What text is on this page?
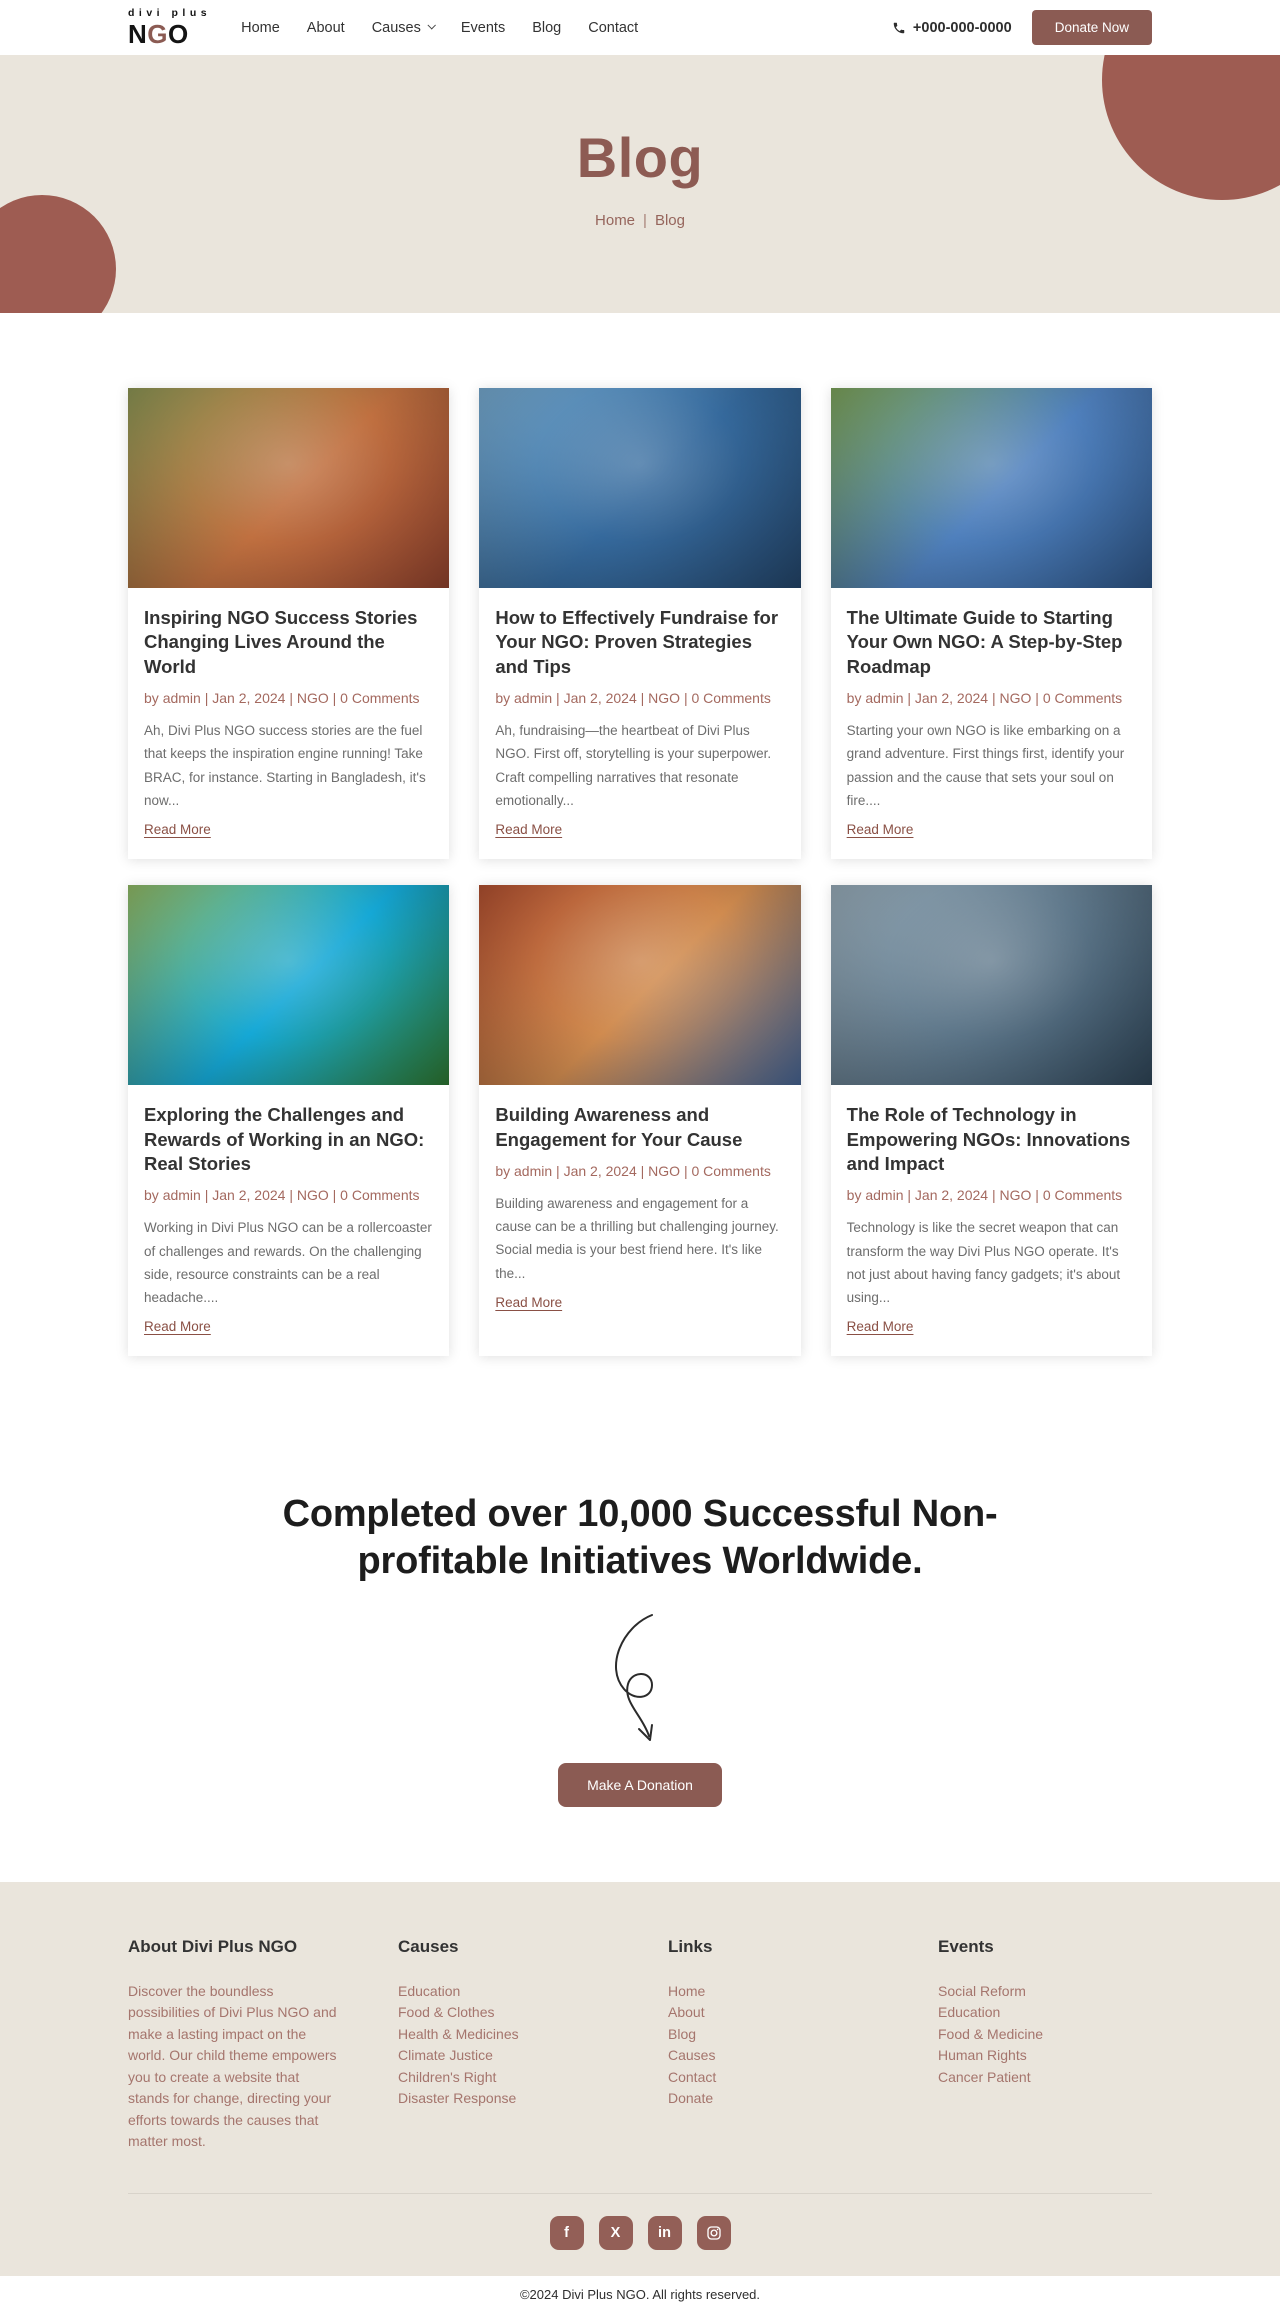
divi plus
NGO	Home About Causes	Events Blog Contact	+000-000-0000	Donate Now
Blog
Home | Blog
Inspiring NGO Success Stories Changing Lives Around the World
by admin | Jan 2, 2024 | NGO | 0 Comments

Ah, Divi Plus NGO success stories are the fuel that keeps the inspiration engine running! Take BRAC, for instance. Starting in Bangladesh, it's now...

Read More
How to Effectively Fundraise for Your NGO: Proven Strategies and Tips
by admin | Jan 2, 2024 | NGO | 0 Comments

Ah, fundraising—the heartbeat of Divi Plus NGO. First off, storytelling is your superpower. Craft compelling narratives that resonate emotionally...

Read More
The Ultimate Guide to Starting Your Own NGO: A Step-by-Step Roadmap
by admin | Jan 2, 2024 | NGO | 0 Comments

Starting your own NGO is like embarking on a grand adventure. First things first, identify your passion and the cause that sets your soul on fire....

Read More
Exploring the Challenges and Rewards of Working in an NGO: Real Stories
by admin | Jan 2, 2024 | NGO | 0 Comments

Working in Divi Plus NGO can be a rollercoaster of challenges and rewards. On the challenging side, resource constraints can be a real headache....

Read More
Building Awareness and Engagement for Your Cause
by admin | Jan 2, 2024 | NGO | 0 Comments

Building awareness and engagement for a cause can be a thrilling but challenging journey. Social media is your best friend here. It's like the...

Read More
The Role of Technology in Empowering NGOs: Innovations and Impact
by admin | Jan 2, 2024 | NGO | 0 Comments

Technology is like the secret weapon that can transform the way Divi Plus NGO operate. It's not just about having fancy gadgets; it's about using...

Read More
Completed over 10,000 Successful Non-profitable Initiatives Worldwide.
Make A Donation
About Divi Plus NGO

Discover the boundless possibilities of Divi Plus NGO and make a lasting impact on the world. Our child theme empowers you to create a website that stands for change, directing your efforts towards the causes that matter most.

Causes
Education
Food & Clothes
Health & Medicines
Climate Justice
Children's Right
Disaster Response
Links
Home
About
Blog
Causes
Contact
Donate
Events
Social Reform
Education
Food & Medicine
Human Rights
Cancer Patient
f	X	in
©2024 Divi Plus NGO. All rights reserved.
